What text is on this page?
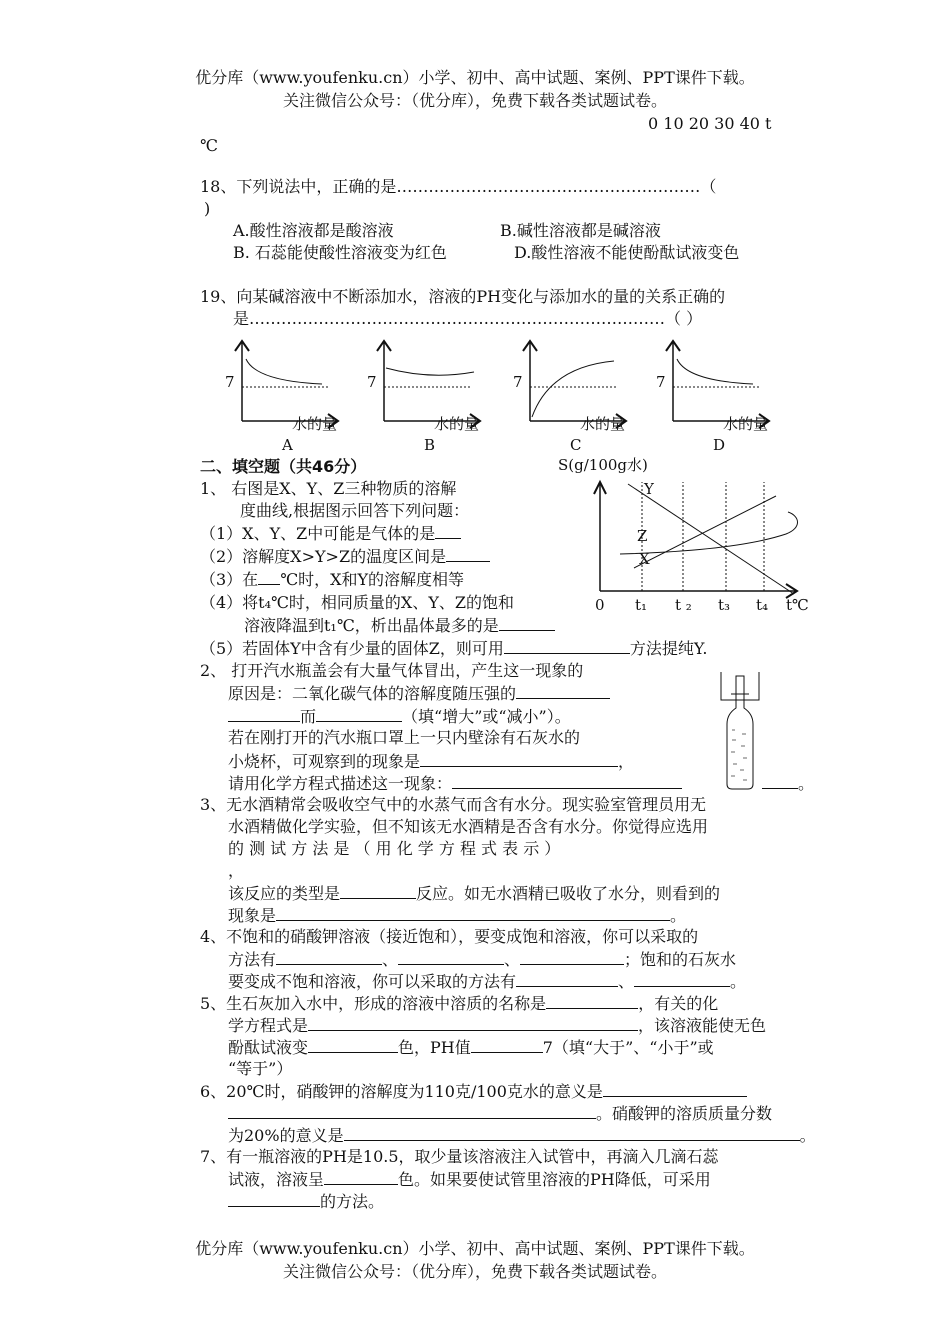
优分库（www.youfenku.cn）小学、初中、高中试题、案例、PPT课件下载。
关注微信公众号：（优分库），免费下载各类试题试卷。
0 10 20 30 40 t
℃
18、下列说法中，正确的是…………………………………………………（
)
A.酸性溶液都是酸溶液	B.碱性溶液都是碱溶液
B. 石蕊能使酸性溶液变为红色	D.酸性溶液不能使酚酞试液变色
19、向某碱溶液中不断添加水，溶液的PH变化与添加水的量的关系正确的
是……………………………………………………………………（ ）
7
水的量
A
7
水的量
B
7
水的量
C
7
水的量
D
二、填空题（共46分）	S(g/100g水)
0 t₁ t ₂ t₃ t₄ t℃
Y
Z
X
1、 右图是X、Y、Z三种物质的溶解
度曲线,根据图示回答下列问题：
（1）X、Y、Z中可能是气体的是
（2）溶解度X>Y>Z的温度区间是
（3）在 ℃时，X和Y的溶解度相等
（4）将t₄℃时，相同质量的X、Y、Z的饱和
溶液降温到t₁℃，析出晶体最多的是
（5）若固体Y中含有少量的固体Z，则可用	方法提纯Y.
2、 打开汽水瓶盖会有大量气体冒出，产生这一现象的
原因是：二氧化碳气体的溶解度随压强的
而	（填“增大”或“减小”）。
若在刚打开的汽水瓶口罩上一只内壁涂有石灰水的
小烧杯，可观察到的现象是	，
请用化学方程式描述这一现象：	。
3、无水酒精常会吸收空气中的水蒸气而含有水分。现实验室管理员用无
水酒精做化学实验，但不知该无水酒精是否含有水分。你觉得应选用
的 测 试 方 法 是 （ 用 化 学 方 程 式 表 示 ）
，
该反应的类型是	反应。如无水酒精已吸收了水分，则看到的
现象是	。
4、不饱和的硝酸钾溶液（接近饱和），要变成饱和溶液，你可以采取的
方法有	、	、	；饱和的石灰水
要变成不饱和溶液，你可以采取的方法有	、	。
5、生石灰加入水中，形成的溶液中溶质的名称是	，有关的化
学方程式是	，该溶液能使无色
酚酞试液变	色，PH值	7（填“大于”、“小于”或
“等于”）
6、20℃时，硝酸钾的溶解度为110克/100克水的意义是
。硝酸钾的溶质质量分数
为20%的意义是	。
7、有一瓶溶液的PH是10.5，取少量该溶液注入试管中，再滴入几滴石蕊
试液，溶液呈	色。如果要使试管里溶液的PH降低，可采用
的方法。
优分库（www.youfenku.cn）小学、初中、高中试题、案例、PPT课件下载。
关注微信公众号：（优分库），免费下载各类试题试卷。
